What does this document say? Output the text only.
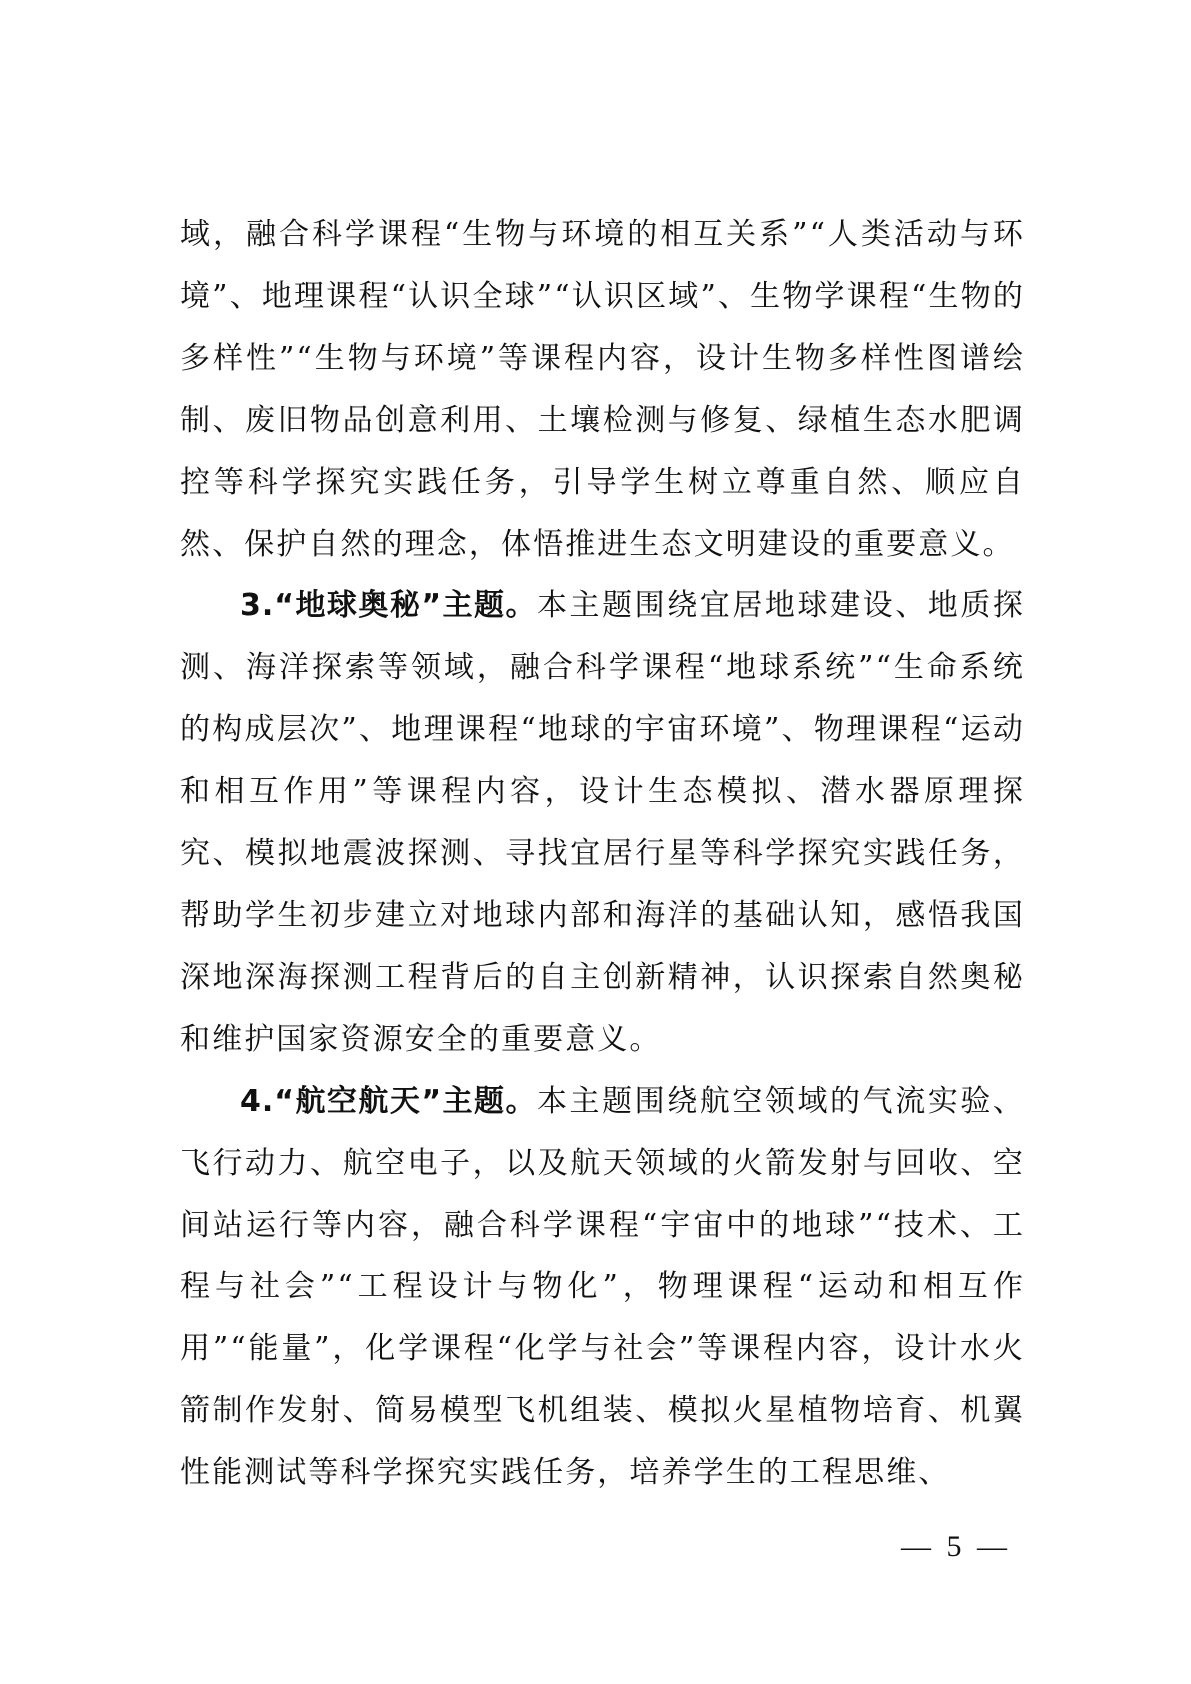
域，融合科学课程“生物与环境的相互关系”“人类活动与环境”、地理课程“认识全球”“认识区域”、生物学课程“生物的多样性”“生物与环境”等课程内容，设计生物多样性图谱绘制、废旧物品创意利用、土壤检测与修复、绿植生态水肥调控等科学探究实践任务，引导学生树立尊重自然、顺应自然、保护自然的理念，体悟推进生态文明建设的重要意义。

3.“地球奥秘”主题。本主题围绕宜居地球建设、地质探测、海洋探索等领域，融合科学课程“地球系统”“生命系统的构成层次”、地理课程“地球的宇宙环境”、物理课程“运动和相互作用”等课程内容，设计生态模拟、潜水器原理探究、模拟地震波探测、寻找宜居行星等科学探究实践任务，帮助学生初步建立对地球内部和海洋的基础认知，感悟我国深地深海探测工程背后的自主创新精神，认识探索自然奥秘和维护国家资源安全的重要意义。

4.“航空航天”主题。本主题围绕航空领域的气流实验、飞行动力、航空电子，以及航天领域的火箭发射与回收、空间站运行等内容，融合科学课程“宇宙中的地球”“技术、工程与社会”“工程设计与物化”，物理课程“运动和相互作用”“能量”，化学课程“化学与社会”等课程内容，设计水火箭制作发射、简易模型飞机组装、模拟火星植物培育、机翼性能测试等科学探究实践任务，培养学生的工程思维、

— 5 —
